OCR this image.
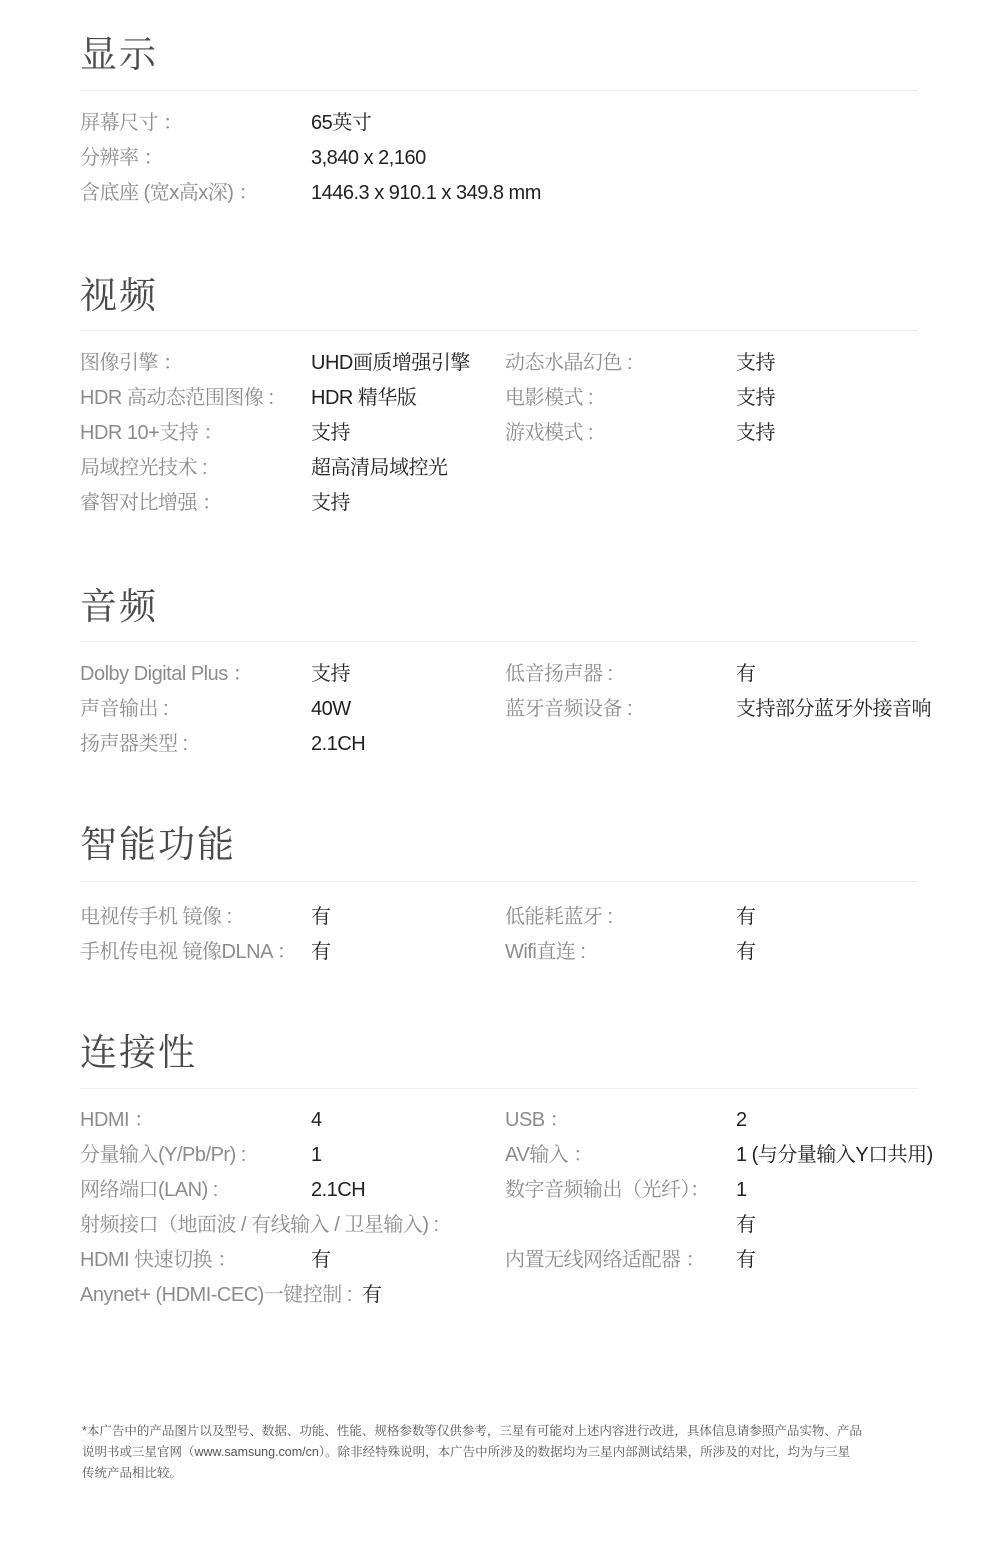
显示
屏幕尺寸 ：	65英寸
分辨率 ：	3,840 x 2,160
含底座 (宽x高x深) ：	1446.3 x 910.1 x 349.8 mm
视频
图像引擎 ：	UHD画质增强引擎 动态水晶幻色 :	支持
HDR 高动态范围图像 : HDR 精华版	电影模式 :	支持
HDR 10+支持 ：	支持	游戏模式 :	支持
局域控光技术 :	超高清局域控光
睿智对比增强 ：	支持
音频
Dolby Digital Plus ：	支持	低音扬声器 :	有
声音输出 :	40W	蓝牙音频设备 :	支持部分蓝牙外接音响
扬声器类型 :	2.1CH
智能功能
电视传手机 镜像 :	有	低能耗蓝牙 :	有
手机传电视 镜像DLNA ： 有	Wifi直连 :	有
连接性
HDMI ：	4	USB ：	2
分量输入(Y/Pb/Pr) :	1	AV输入 ：	1 (与分量输入Y口共用)
网络端口(LAN) :	2.1CH	数字音频输出（光纤）： 1
射频接口（地面波 / 有线输入 / 卫星输入) :	有
HDMI 快速切换 ：	有	内置无线网络适配器 ： 有
Anynet+ (HDMI-CEC)一键控制 : 有
*本广告中的产品图片以及型号、数据、功能、性能、规格参数等仅供参考，三星有可能对上述内容进行改进，具体信息请参照产品实物、产品说明书或三星官网（www.samsung.com/cn）。除非经特殊说明，本广告中所涉及的数据均为三星内部测试结果，所涉及的对比，均为与三星传统产品相比较。
